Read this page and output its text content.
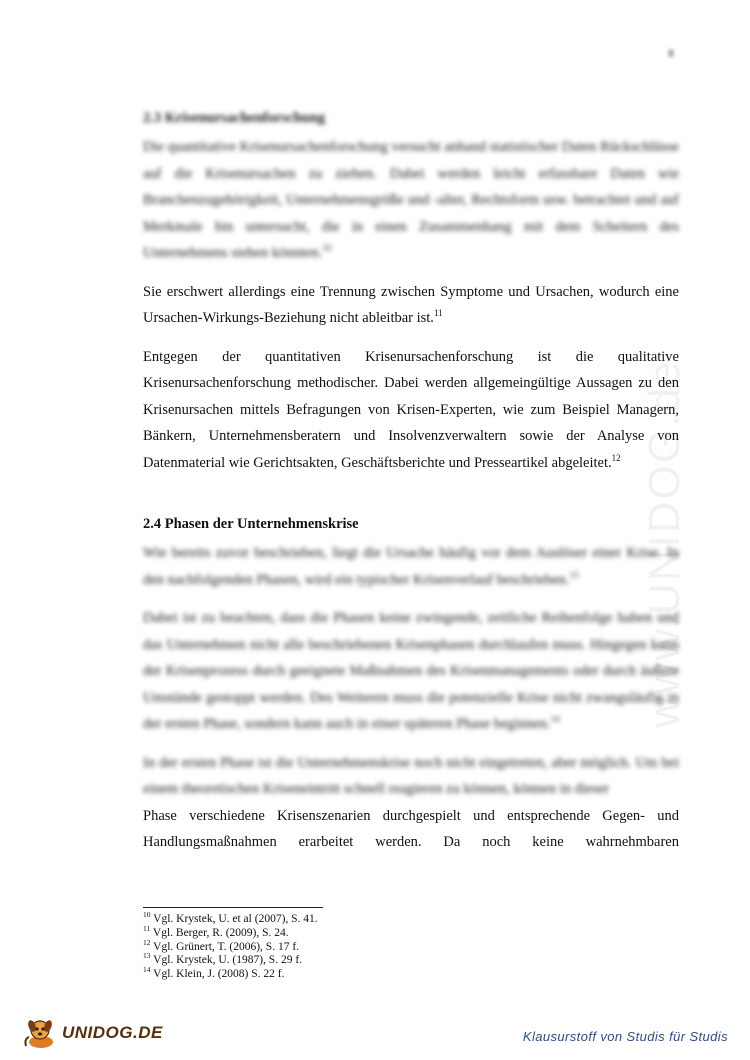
8
www.UNIDOG.de
2.3 Krisenursachenforschung

Die quantitative Krisenursachenforschung versucht anhand statistischer Daten Rückschlüsse auf die Krisenursachen zu ziehen. Dabei werden leicht erfassbare Daten wie Branchenzugehörigkeit, Unternehmensgröße und -alter, Rechtsform usw. betrachtet und auf Merkmale hin untersucht, die in einen Zusammenhang mit dem Scheitern des Unternehmens stehen könnten.$^{10}$

Sie erschwert allerdings eine Trennung zwischen Symptome und Ursachen, wodurch eine Ursachen-Wirkungs-Beziehung nicht ableitbar ist.$^{11}$

Entgegen der quantitativen Krisenursachenforschung ist die qualitative Krisenursachenforschung methodischer. Dabei werden allgemeingültige Aussagen zu den Krisenursachen mittels Befragungen von Krisen-Experten, wie zum Beispiel Managern, Bänkern, Unternehmensberatern und Insolvenzverwaltern sowie der Analyse von Datenmaterial wie Gerichtsakten, Geschäftsberichte und Presseartikel abgeleitet.$^{12}$

2.4 Phasen der Unternehmenskrise

Wie bereits zuvor beschrieben, liegt die Ursache häufig vor dem Auslöser einer Krise. In den nachfolgenden Phasen, wird ein typischer Krisenverlauf beschrieben.$^{13}$

Dabei ist zu beachten, dass die Phasen keine zwingende, zeitliche Reihenfolge haben und das Unternehmen nicht alle beschriebenen Krisenphasen durchlaufen muss. Hingegen kann der Krisenprozess durch geeignete Maßnahmen des Krisenmanagements oder durch äußere Umstände gestoppt werden. Des Weiteren muss die potenzielle Krise nicht zwangsläufig in der ersten Phase, sondern kann auch in einer späteren Phase beginnen.$^{14}$

In der ersten Phase ist die Unternehmenskrise noch nicht eingetreten, aber möglich. Um bei einem theoretischen Kriseneintritt schnell reagieren zu können, können in dieser

Phase verschiedene Krisenszenarien durchgespielt und entsprechende Gegen- und Handlungsmaßnahmen erarbeitet werden. Da noch keine wahrnehmbaren

$^{10}$ Vgl. Krystek, U. et al (2007), S. 41.
$^{11}$ Vgl. Berger, R. (2009), S. 24.
$^{12}$ Vgl. Grünert, T. (2006), S. 17 f.
$^{13}$ Vgl. Krystek, U. (1987), S. 29 f.
$^{14}$ Vgl. Klein, J. (2008) S. 22 f.
UNIDOG.DE	Klausurstoff von Studis für Studis
